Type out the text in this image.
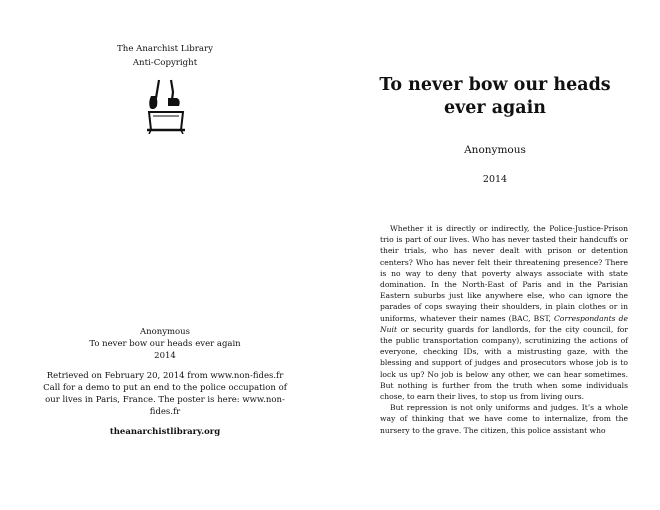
The Anarchist Library
Anti-Copyright
Anonymous
To never bow our heads ever again
2014
Retrieved on February 20, 2014 from www.non-fides.fr
Call for a demo to put an end to the police occupation of our lives in Paris, France. The poster is here: www.non-fides.fr
theanarchistlibrary.org
To never bow our heads ever again
Anonymous
2014

Whether it is directly or indirectly, the Police-Justice-Prison trio is part of our lives. Who has never tasted their handcuffs or their trials, who has never dealt with prison or detention centers? Who has never felt their threatening presence? There is no way to deny that poverty always associate with state domination. In the North-East of Paris and in the Parisian Eastern suburbs just like anywhere else, who can ignore the parades of cops swaying their shoulders, in plain clothes or in uniforms, whatever their names (BAC, BST, Correspondants de Nuit or security guards for landlords, for the city council, for the public transportation company), scrutinizing the actions of everyone, checking IDs, with a mistrusting gaze, with the blessing and support of judges and prosecutors whose job is to lock us up? No job is below any other, we can hear sometimes. But nothing is further from the truth when some individuals chose, to earn their lives, to stop us from living ours.

But repression is not only uniforms and judges. It’s a whole way of thinking that we have come to internalize, from the nursery to the grave. The citizen, this police assistant who
